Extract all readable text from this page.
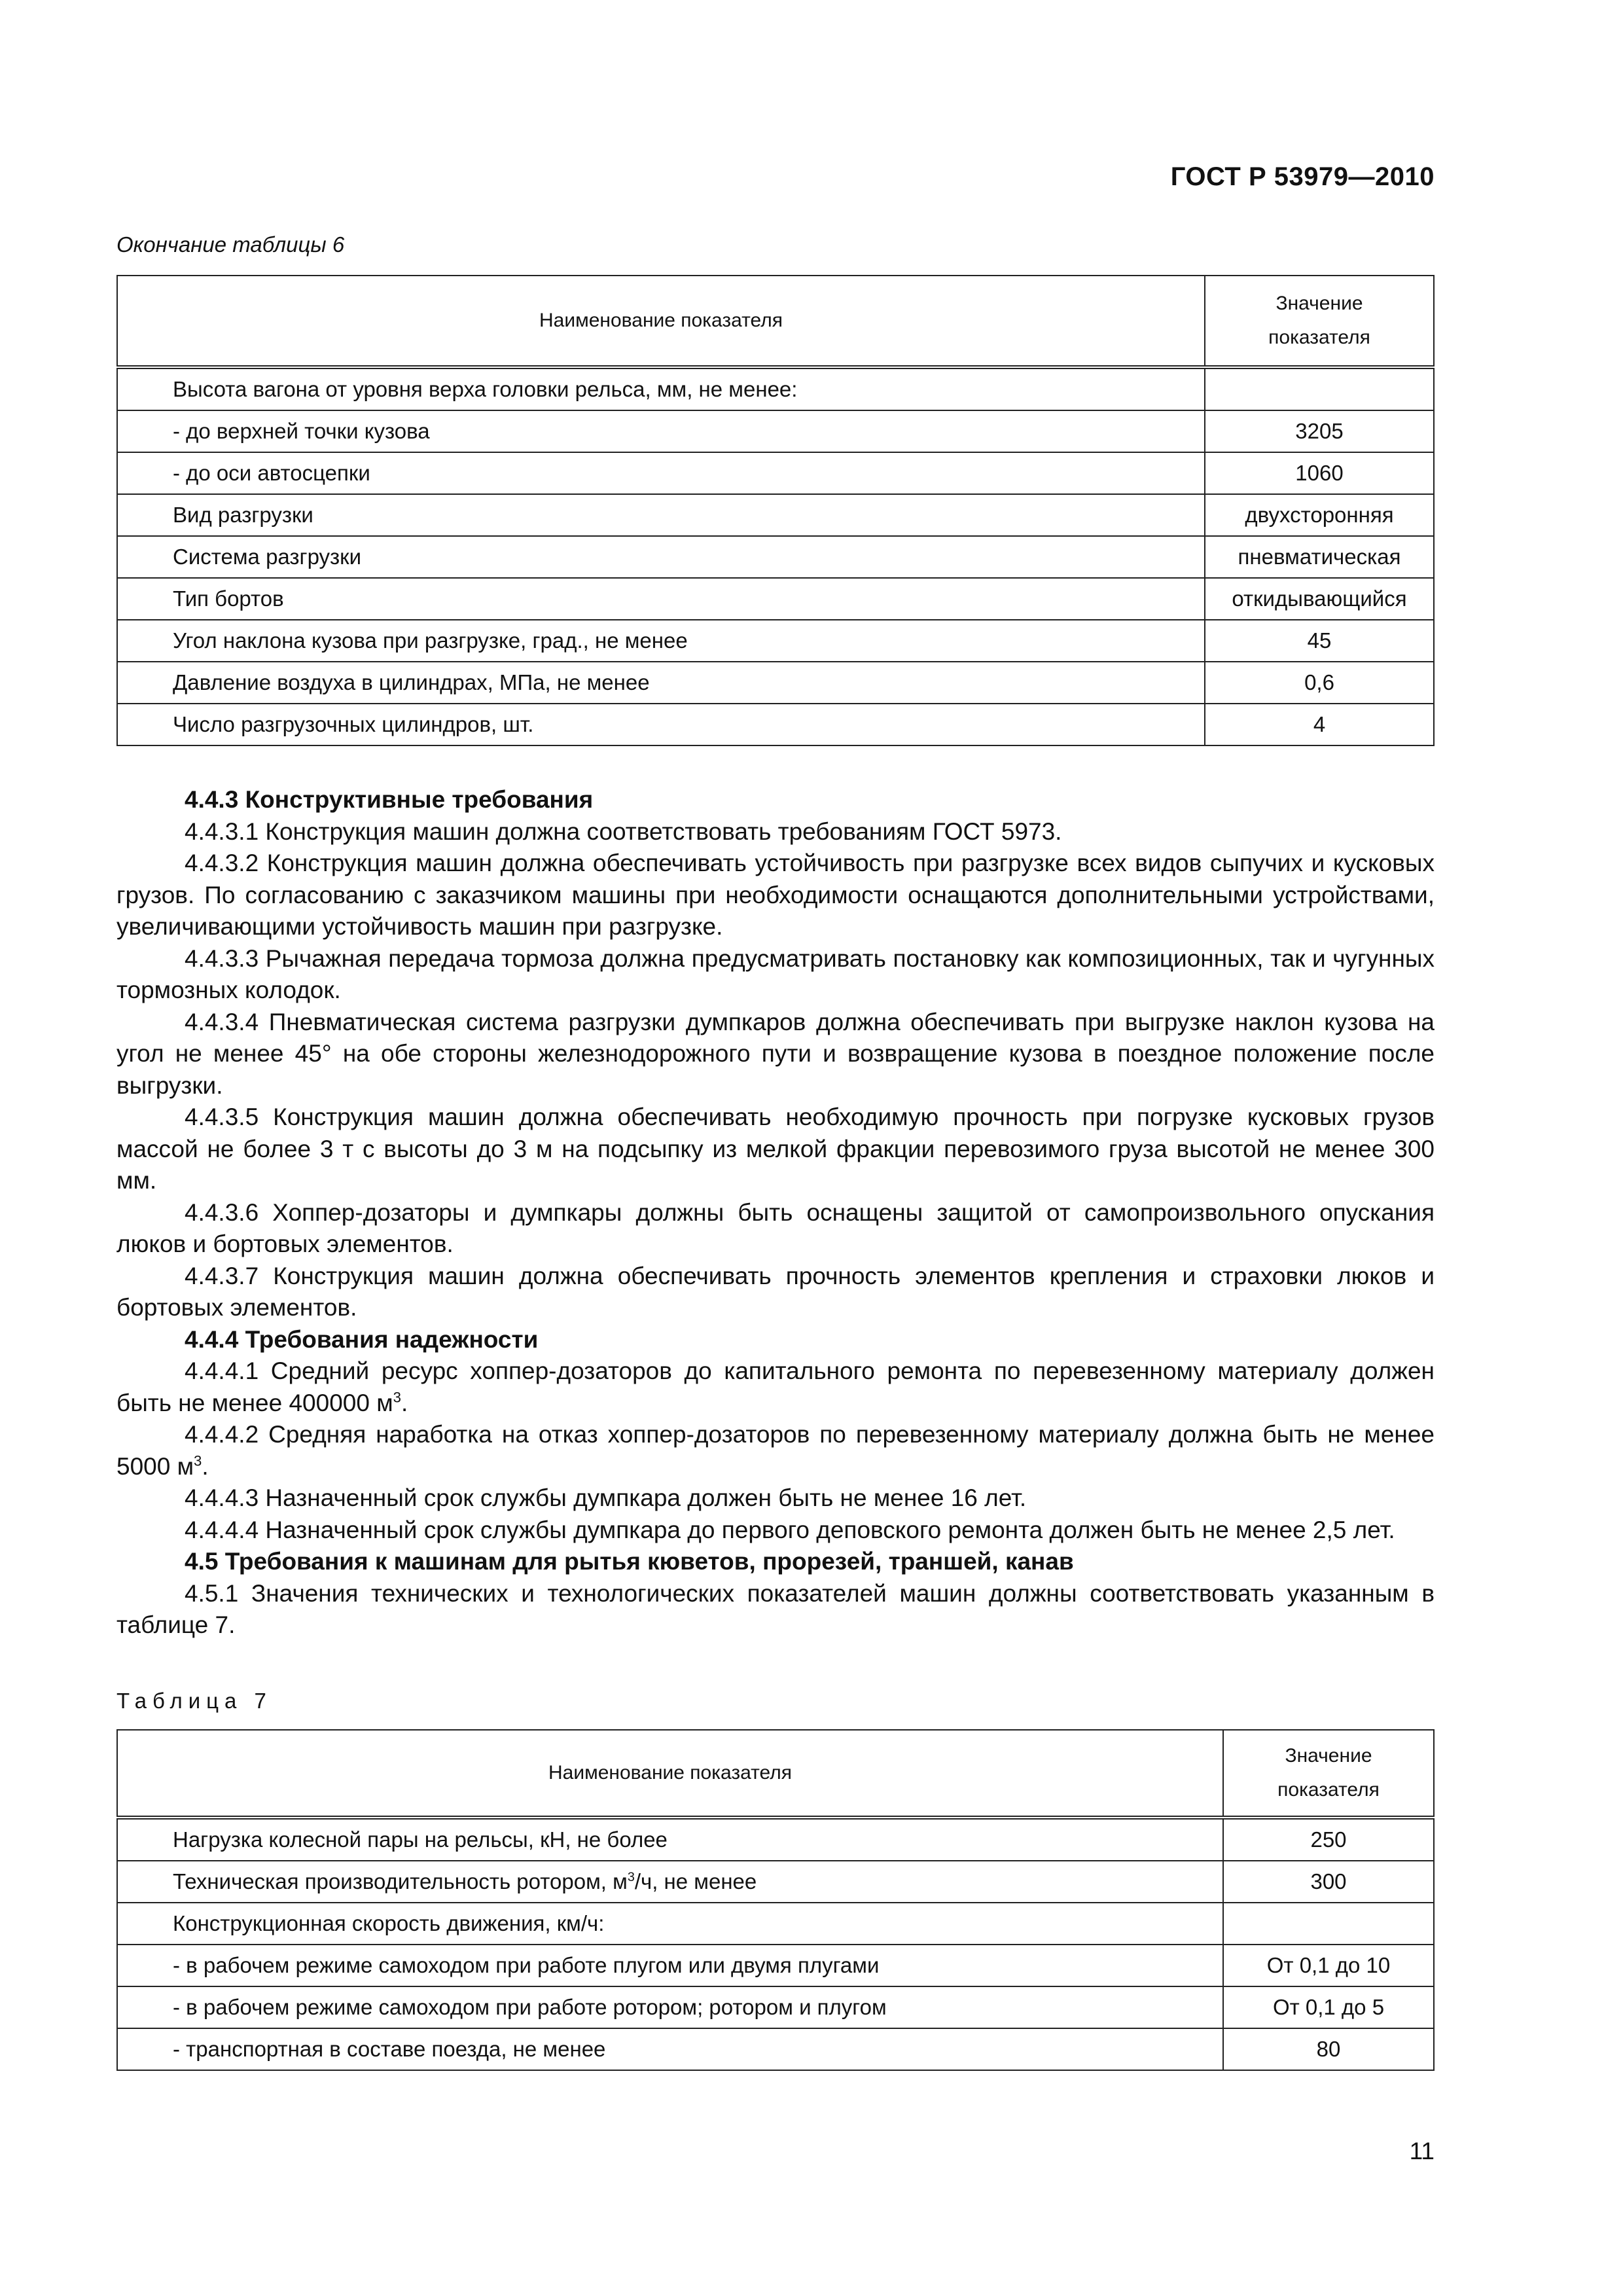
ГОСТ Р 53979—2010
Окончание таблицы 6
Наименование показателя	Значение
показателя
Высота вагона от уровня верха головки рельса, мм, не менее:	
- до верхней точки кузова	3205
- до оси автосцепки	1060
Вид разгрузки	двухсторонняя
Система разгрузки	пневматическая
Тип бортов	откидывающийся
Угол наклона кузова при разгрузке, град., не менее	45
Давление воздуха в цилиндрах, МПа, не менее	0,6
Число разгрузочных цилиндров, шт.	4

4.4.3 Конструктивные требования

4.4.3.1 Конструкция машин должна соответствовать требованиям ГОСТ 5973.

4.4.3.2 Конструкция машин должна обеспечивать устойчивость при разгрузке всех видов сыпучих и кусковых грузов. По согласованию с заказчиком машины при необходимости оснащаются дополнительными устройствами, увеличивающими устойчивость машин при разгрузке.

4.4.3.3 Рычажная передача тормоза должна предусматривать постановку как композиционных, так и чугунных тормозных колодок.

4.4.3.4 Пневматическая система разгрузки думпкаров должна обеспечивать при выгрузке наклон кузова на угол не менее 45° на обе стороны железнодорожного пути и возвращение кузова в поездное положение после выгрузки.

4.4.3.5 Конструкция машин должна обеспечивать необходимую прочность при погрузке кусковых грузов массой не более 3 т с высоты до 3 м на подсыпку из мелкой фракции перевозимого груза высотой не менее 300 мм.

4.4.3.6 Хоппер-дозаторы и думпкары должны быть оснащены защитой от самопроизвольного опускания люков и бортовых элементов.

4.4.3.7 Конструкция машин должна обеспечивать прочность элементов крепления и страховки люков и бортовых элементов.

4.4.4 Требования надежности

4.4.4.1 Средний ресурс хоппер-дозаторов до капитального ремонта по перевезенному материалу должен быть не менее 400000 $м^3$.

4.4.4.2 Средняя наработка на отказ хоппер-дозаторов по перевезенному материалу должна быть не менее 5000 $м^3$.

4.4.4.3 Назначенный срок службы думпкара должен быть не менее 16 лет.

4.4.4.4 Назначенный срок службы думпкара до первого деповского ремонта должен быть не менее 2,5 лет.

4.5 Требования к машинам для рытья кюветов, прорезей, траншей, канав

4.5.1 Значения технических и технологических показателей машин должны соответствовать указанным в таблице 7.

Таблица 7
Наименование показателя	Значение
показателя
Нагрузка колесной пары на рельсы, кН, не более	250
Техническая производительность ротором, $м^3/ч$, не менее	300
Конструкционная скорость движения, км/ч:	
- в рабочем режиме самоходом при работе плугом или двумя плугами	От 0,1 до 10
- в рабочем режиме самоходом при работе ротором; ротором и плугом	От 0,1 до 5
- транспортная в составе поезда, не менее	80
11
